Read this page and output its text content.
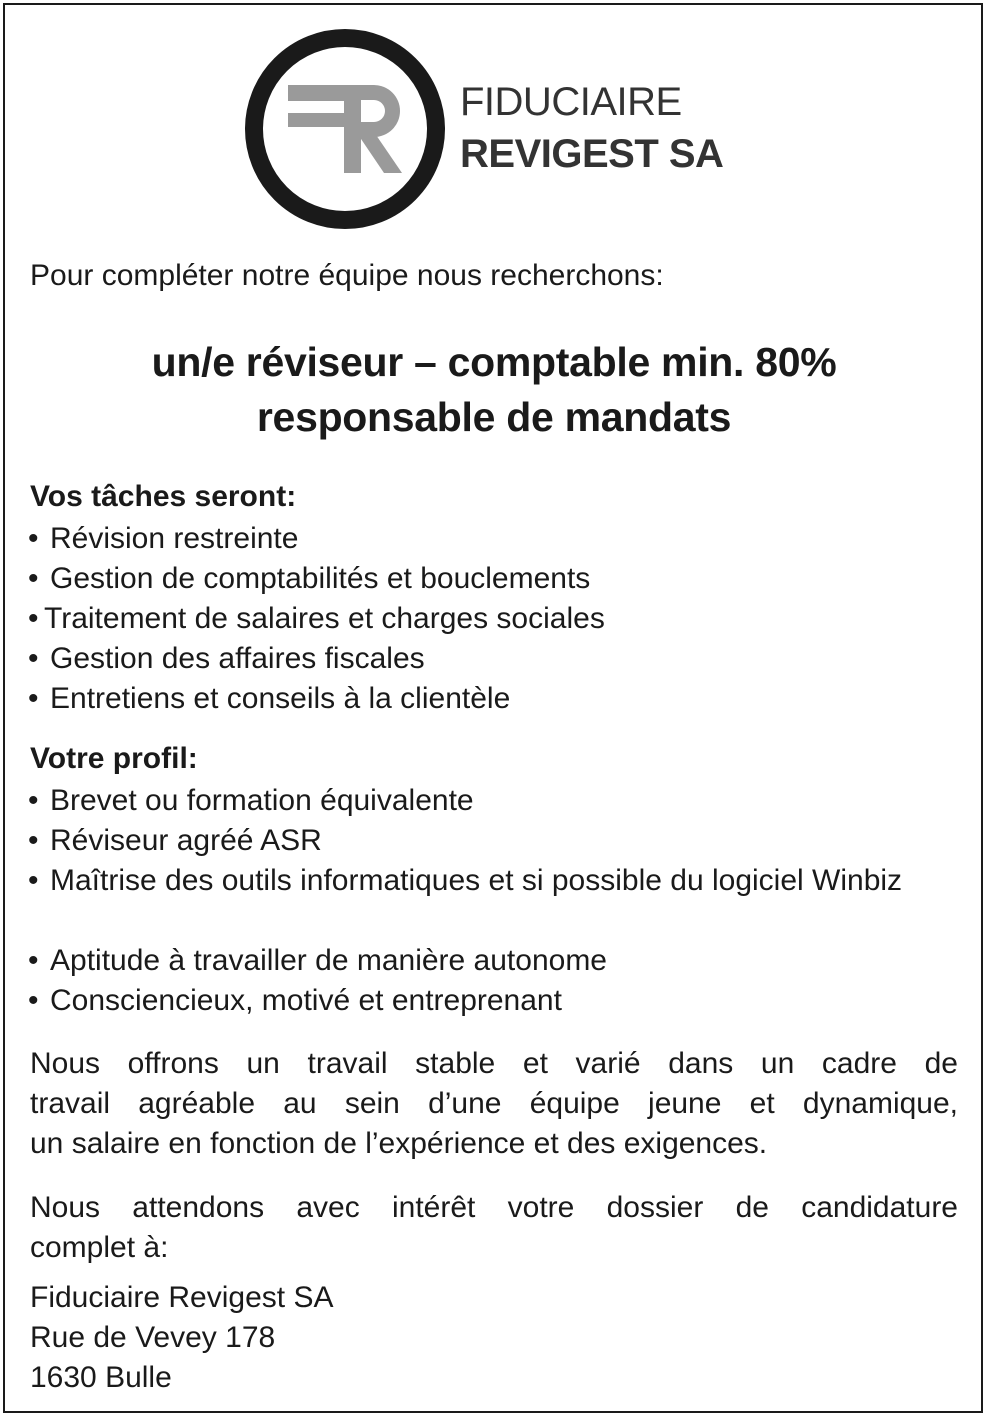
FIDUCIAIRE
REVIGEST SA
Pour compléter notre équipe nous recherchons:
un/e réviseur – comptable min. 80%
responsable de mandats
Vos tâches seront:
• Révision restreinte
• Gestion de comptabilités et bouclements
• Traitement de salaires et charges sociales
• Gestion des affaires fiscales
• Entretiens et conseils à la clientèle
Votre profil:
• Brevet ou formation équivalente
• Réviseur agréé ASR
• Maîtrise des outils informatiques et si possible du logiciel Winbiz
• Aptitude à travailler de manière autonome
• Consciencieux, motivé et entreprenant
Nous offrons un travail stable et varié dans un cadre de
travail agréable au sein d’une équipe jeune et dynamique,
un salaire en fonction de l’expérience et des exigences.
Nous attendons avec intérêt votre dossier de candidature
complet à:
Fiduciaire Revigest SA
Rue de Vevey 178
1630 Bulle
